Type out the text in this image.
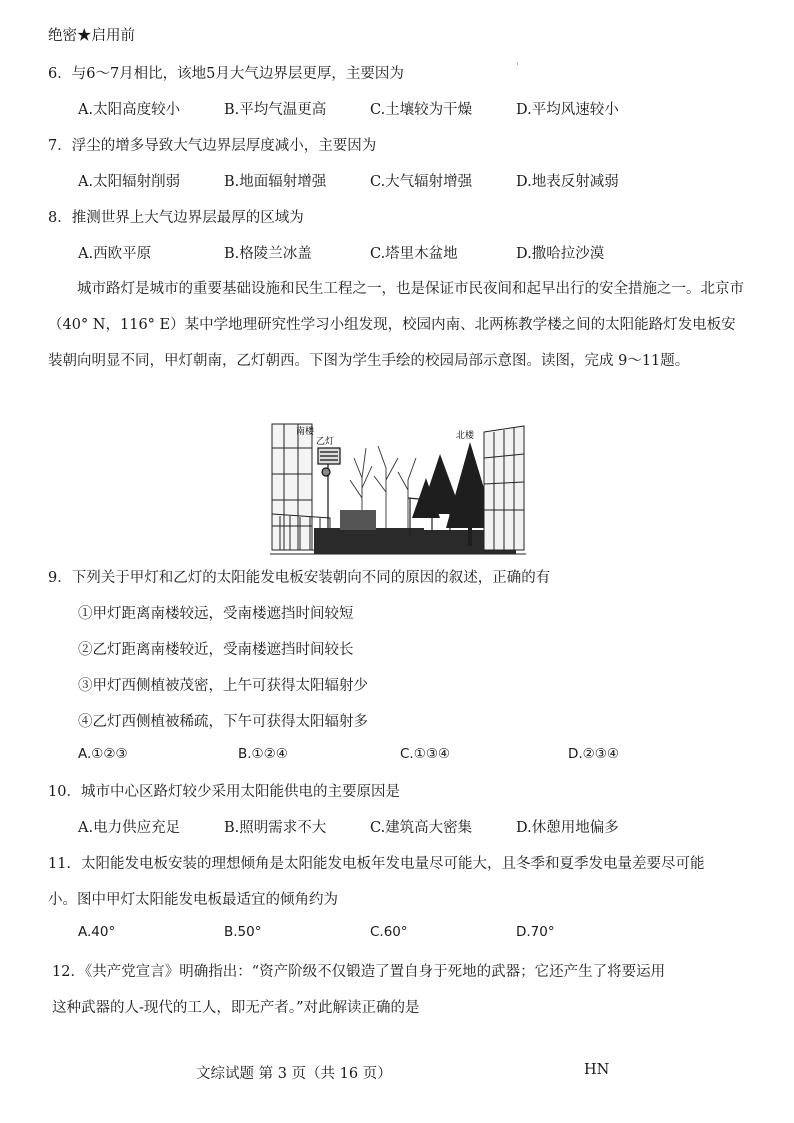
绝密★启用前
'
6．与6～7月相比，该地5月大气边界层更厚，主要因为
A.太阳高度较小	B.平均气温更高	C.土壤较为干燥	D.平均风速较小
7．浮尘的增多导致大气边界层厚度减小，主要因为
A.太阳辐射削弱	B.地面辐射增强	C.大气辐射增强	D.地表反射减弱
8．推测世界上大气边界层最厚的区域为
A.西欧平原	B.格陵兰冰盖	C.塔里木盆地	D.撒哈拉沙漠
城市路灯是城市的重要基础设施和民生工程之一，也是保证市民夜间和起早出行的安全措施之一。北京市（40° N，116° E）某中学地理研究性学习小组发现，校园内南、北两栋教学楼之间的太阳能路灯发电板安装朝向明显不同，甲灯朝南，乙灯朝西。下图为学生手绘的校园局部示意图。读图，完成 9～11题。
南楼
乙灯
北楼
9．下列关于甲灯和乙灯的太阳能发电板安装朝向不同的原因的叙述，正确的有
①甲灯距离南楼较远，受南楼遮挡时间较短
②乙灯距离南楼较近，受南楼遮挡时间较长
③甲灯西侧植被茂密，上午可获得太阳辐射少
④乙灯西侧植被稀疏，下午可获得太阳辐射多
A.①②③	B.①②④	C.①③④	D.②③④
10．城市中心区路灯较少采用太阳能供电的主要原因是
A.电力供应充足	B.照明需求不大	C.建筑高大密集	D.休憩用地偏多
11．太阳能发电板安装的理想倾角是太阳能发电板年发电量尽可能大，且冬季和夏季发电量差要尽可能
小。图中甲灯太阳能发电板最适宜的倾角约为
A.40°	B.50°	C.60°	D.70°
12．《共产党宣言》明确指出：“资产阶级不仅锻造了置自身于死地的武器；它还产生了将要运用
这种武器的人-现代的工人，即无产者。”对此解读正确的是
文综试题 第 3 页（共 16 页）	HN
